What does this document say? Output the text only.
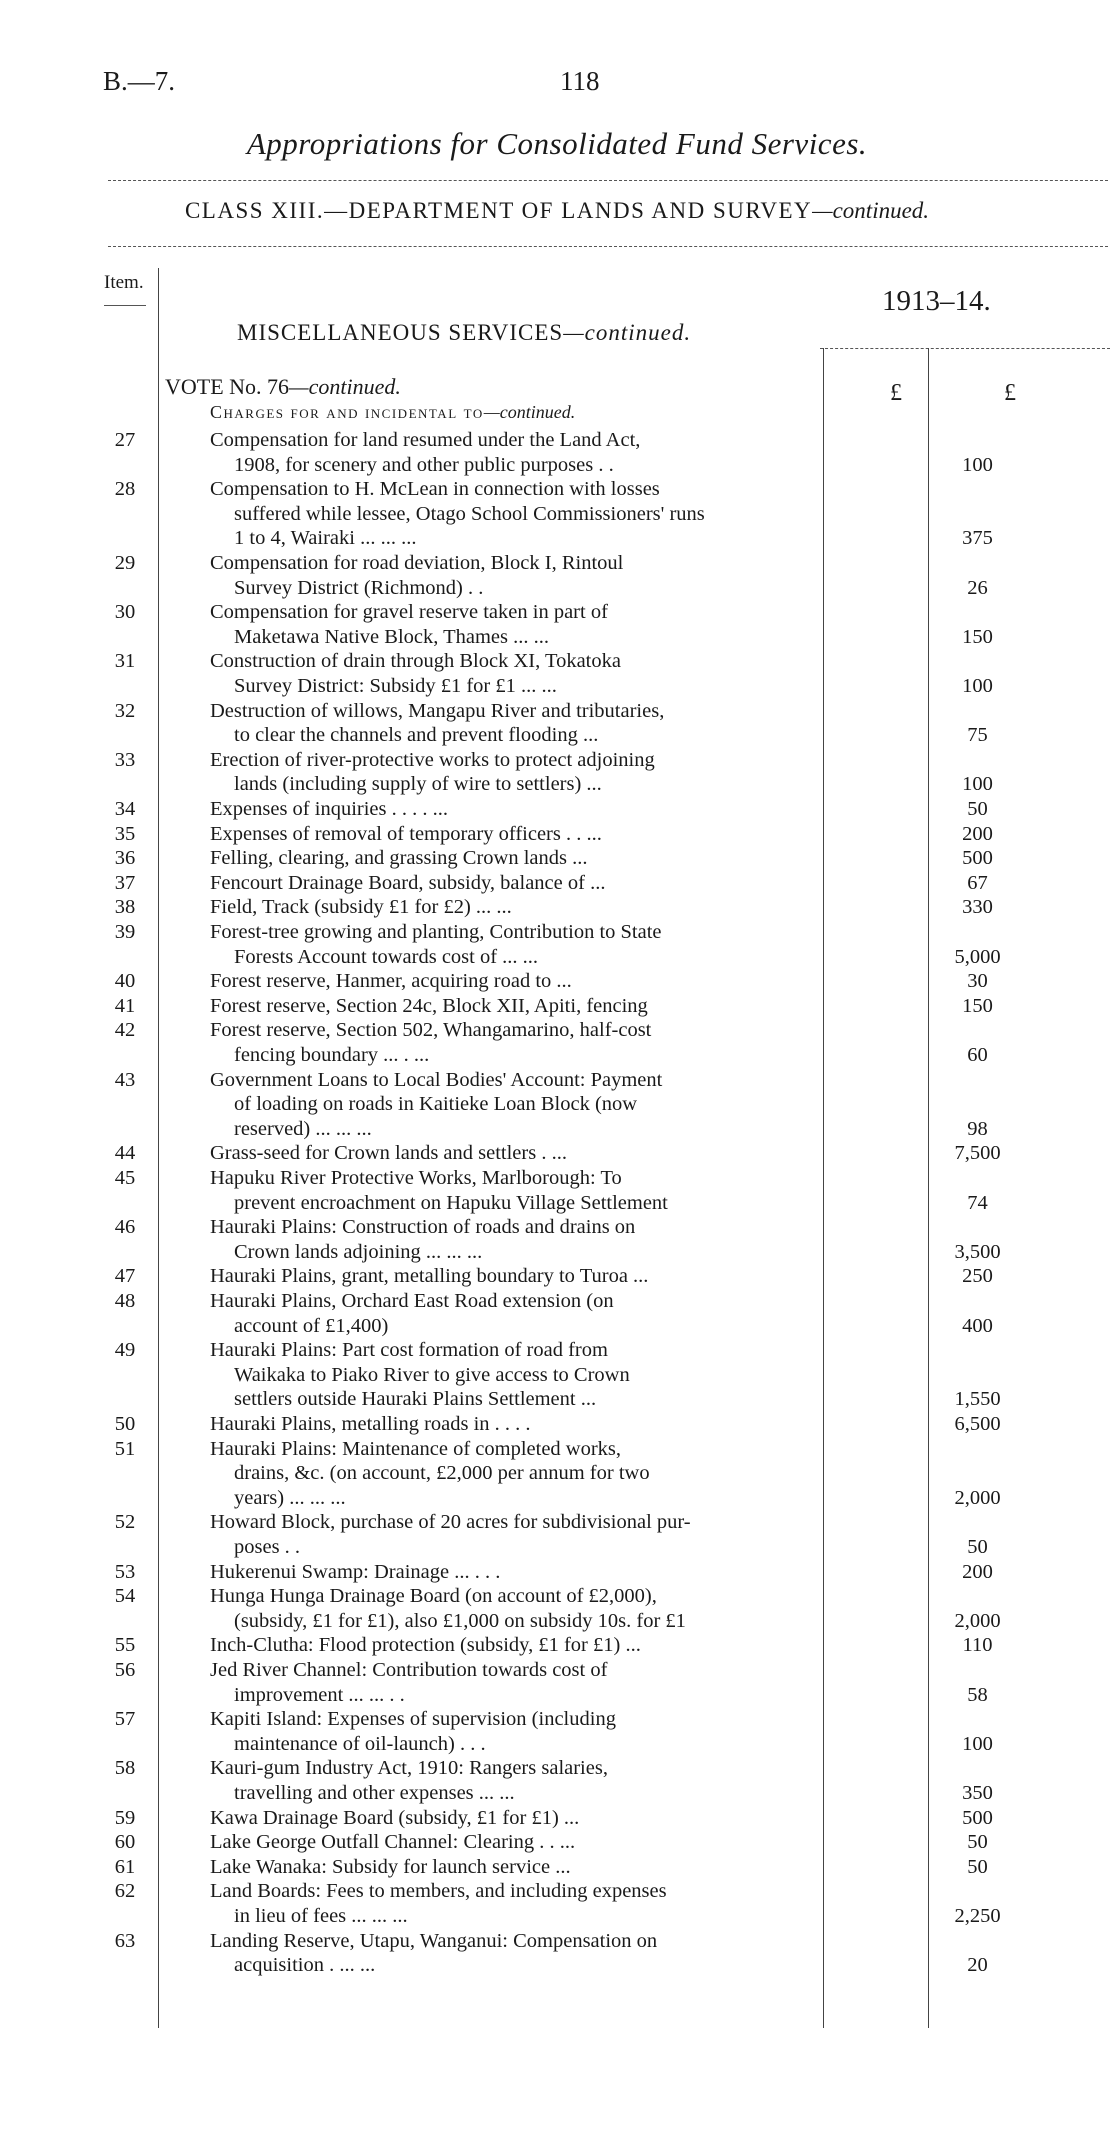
B.—7.	118
Appropriations for Consolidated Fund Services.
CLASS XIII.—DEPARTMENT OF LANDS AND SURVEY—continued.
Item.
1913–14.
MISCELLANEOUS SERVICES—continued.
VOTE No. 76—continued.
Charges for and incidental to—continued.
£	£
27	Compensation for land resumed under the Land Act,
1908, for scenery and other public purposes . .	100
28	Compensation to H. McLean in connection with losses
suffered while lessee, Otago School Commissioners' runs
1 to 4, Wairaki ... ... ...	375
29	Compensation for road deviation, Block I, Rintoul
Survey District (Richmond) . .	26
30	Compensation for gravel reserve taken in part of
Maketawa Native Block, Thames ... ...	150
31	Construction of drain through Block XI, Tokatoka
Survey District: Subsidy £1 for £1 ... ...	100
32	Destruction of willows, Mangapu River and tributaries,
to clear the channels and prevent flooding ...	75
33	Erection of river-protective works to protect adjoining
lands (including supply of wire to settlers) ...	100
34	Expenses of inquiries . . . . ...	50
35	Expenses of removal of temporary officers . . ...	200
36	Felling, clearing, and grassing Crown lands ...	500
37	Fencourt Drainage Board, subsidy, balance of ...	67
38	Field, Track (subsidy £1 for £2) ... ...	330
39	Forest-tree growing and planting, Contribution to State
Forests Account towards cost of ... ...	5,000
40	Forest reserve, Hanmer, acquiring road to ...	30
41	Forest reserve, Section 24c, Block XII, Apiti, fencing	150
42	Forest reserve, Section 502, Whangamarino, half-cost
fencing boundary ... . ...	60
43	Government Loans to Local Bodies' Account: Payment
of loading on roads in Kaitieke Loan Block (now
reserved) ... ... ...	98
44	Grass-seed for Crown lands and settlers . ...	7,500
45	Hapuku River Protective Works, Marlborough: To
prevent encroachment on Hapuku Village Settlement	74
46	Hauraki Plains: Construction of roads and drains on
Crown lands adjoining ... ... ...	3,500
47	Hauraki Plains, grant, metalling boundary to Turoa ...	250
48	Hauraki Plains, Orchard East Road extension (on
account of £1,400)	400
49	Hauraki Plains: Part cost formation of road from
Waikaka to Piako River to give access to Crown
settlers outside Hauraki Plains Settlement ...	1,550
50	Hauraki Plains, metalling roads in . . . .	6,500
51	Hauraki Plains: Maintenance of completed works,
drains, &c. (on account, £2,000 per annum for two
years) ... ... ...	2,000
52	Howard Block, purchase of 20 acres for subdivisional pur-
poses . .	50
53	Hukerenui Swamp: Drainage ... . . .	200
54	Hunga Hunga Drainage Board (on account of £2,000),
(subsidy, £1 for £1), also £1,000 on subsidy 10s. for £1	2,000
55	Inch-Clutha: Flood protection (subsidy, £1 for £1) ...	110
56	Jed River Channel: Contribution towards cost of
improvement ... ... . .	58
57	Kapiti Island: Expenses of supervision (including
maintenance of oil-launch) . . .	100
58	Kauri-gum Industry Act, 1910: Rangers salaries,
travelling and other expenses ... ...	350
59	Kawa Drainage Board (subsidy, £1 for £1) ...	500
60	Lake George Outfall Channel: Clearing . . ...	50
61	Lake Wanaka: Subsidy for launch service ...	50
62	Land Boards: Fees to members, and including expenses
in lieu of fees ... ... ...	2,250
63	Landing Reserve, Utapu, Wanganui: Compensation on
acquisition . ... ...	20
